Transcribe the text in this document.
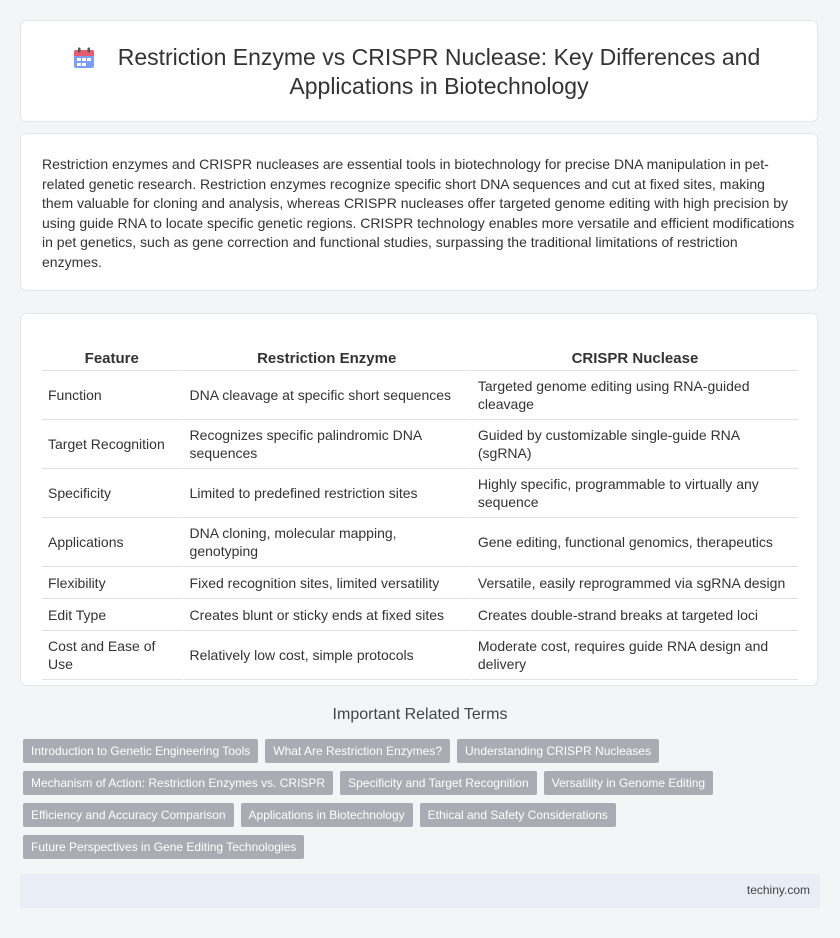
Restriction Enzyme vs CRISPR Nuclease: Key Differences and Applications in Biotechnology

Restriction enzymes and CRISPR nucleases are essential tools in biotechnology for precise DNA manipulation in pet-related genetic research. Restriction enzymes recognize specific short DNA sequences and cut at fixed sites, making them valuable for cloning and analysis, whereas CRISPR nucleases offer targeted genome editing with high precision by using guide RNA to locate specific genetic regions. CRISPR technology enables more versatile and efficient modifications in pet genetics, such as gene correction and functional studies, surpassing the traditional limitations of restriction enzymes.

Feature	Restriction Enzyme	CRISPR Nuclease
Function	DNA cleavage at specific short sequences	Targeted genome editing using RNA-guided cleavage
Target Recognition	Recognizes specific palindromic DNA sequences	Guided by customizable single-guide RNA (sgRNA)
Specificity	Limited to predefined restriction sites	Highly specific, programmable to virtually any sequence
Applications	DNA cloning, molecular mapping, genotyping	Gene editing, functional genomics, therapeutics
Flexibility	Fixed recognition sites, limited versatility	Versatile, easily reprogrammed via sgRNA design
Edit Type	Creates blunt or sticky ends at fixed sites	Creates double-strand breaks at targeted loci
Cost and Ease of Use	Relatively low cost, simple protocols	Moderate cost, requires guide RNA design and delivery
Important Related Terms
Introduction to Genetic Engineering Tools	What Are Restriction Enzymes?	Understanding CRISPR Nucleases
Mechanism of Action: Restriction Enzymes vs. CRISPR	Specificity and Target Recognition	Versatility in Genome Editing
Efficiency and Accuracy Comparison	Applications in Biotechnology	Ethical and Safety Considerations
Future Perspectives in Gene Editing Technologies
techiny.com
